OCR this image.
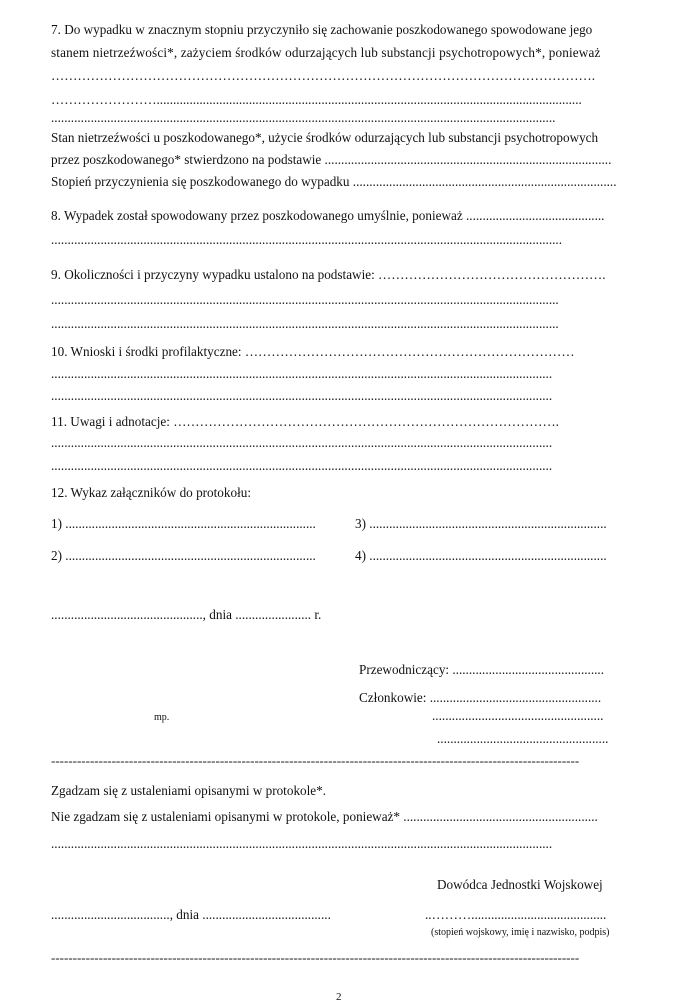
7. Do wypadku w znacznym stopniu przyczyniło się zachowanie poszkodowanego spowodowane jego
stanem nietrzeźwości*, zażyciem środków odurzających lub substancji psychotropowych*, ponieważ
…………………………………………………………………………………………………………….
…………………….................................................................................................................................
.........................................................................................................................................................
Stan nietrzeźwości u poszkodowanego*, użycie środków odurzających lub substancji psychotropowych
przez poszkodowanego* stwierdzono na podstawie .......................................................................................
Stopień przyczynienia się poszkodowanego do wypadku ................................................................................
8. Wypadek został spowodowany przez poszkodowanego umyślnie, ponieważ ..........................................
...........................................................................................................................................................
9. Okoliczności i przyczyny wypadku ustalono na podstawie: …………………………………………….
..........................................................................................................................................................
..........................................................................................................................................................
10. Wnioski i środki profilaktyczne: …………………………………………………………………
........................................................................................................................................................
........................................................................................................................................................
11. Uwagi i adnotacje: …………………………………………………………………………….
........................................................................................................................................................
........................................................................................................................................................
12. Wykaz załączników do protokołu:
1) ............................................................................	3) ........................................................................
2) ............................................................................	4) ........................................................................
.............................................., dnia ....................... r.
Przewodniczący: ..............................................
Członkowie: ....................................................
mp.	....................................................
....................................................
--------------------------------------------------------------------------------------------------------------------------
Zgadzam się z ustaleniami opisanymi w protokole*.
Nie zgadzam się z ustaleniami opisanymi w protokole, ponieważ* ...........................................................
........................................................................................................................................................
Dowódca Jednostki Wojskowej
...................................., dnia .......................................	..……….........................................
(stopień wojskowy, imię i nazwisko, podpis)
--------------------------------------------------------------------------------------------------------------------------
2
